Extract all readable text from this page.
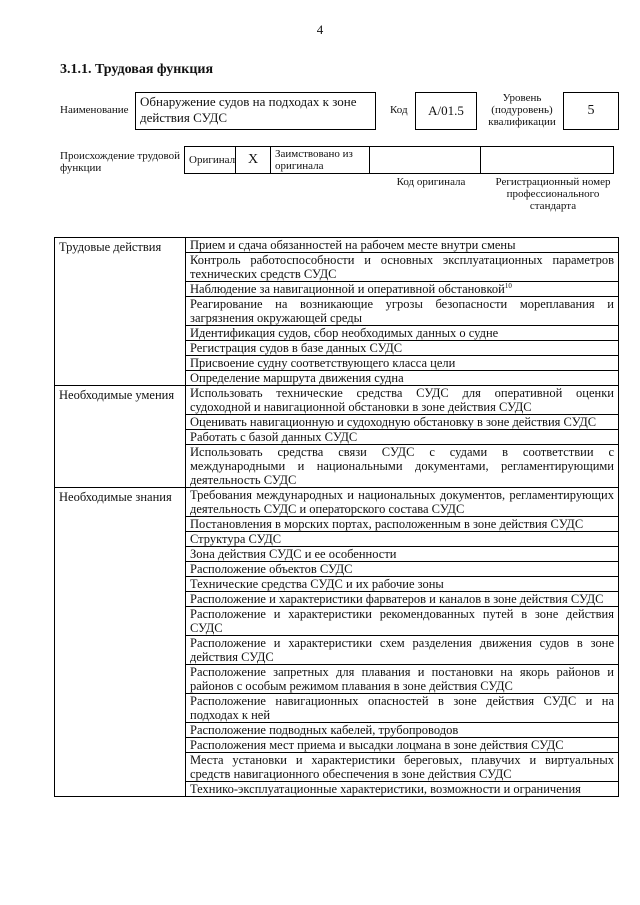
4
3.1.1. Трудовая функция
Наименование
Обнаружение судов на подходах к зоне действия СУДС	Код	A/01.5
Уровень (подуровень) квалификации
5
Происхождение трудовой функции
Оригинал X	Заимствовано из оригинала
Код оригинала	Регистрационный номер профессионального стандарта
Трудовые действия	Прием и сдача обязанностей на рабочем месте внутри смены
	Контроль работоспособности и основных эксплуатационных параметров технических средств СУДС
	Наблюдение за навигационной и оперативной обстановкой$^{10}$
	Реагирование на возникающие угрозы безопасности мореплавания и загрязнения окружающей среды
	Идентификация судов, сбор необходимых данных о судне
	Регистрация судов в базе данных СУДС
	Присвоение судну соответствующего класса цели
	Определение маршрута движения судна
Необходимые умения	Использовать технические средства СУДС для оперативной оценки судоходной и навигационной обстановки в зоне действия СУДС
	Оценивать навигационную и судоходную обстановку в зоне действия СУДС
	Работать с базой данных СУДС
	Использовать средства связи СУДС с судами в соответствии с международными и национальными документами, регламентирующими деятельность СУДС
Необходимые знания	Требования международных и национальных документов, регламентирующих деятельность СУДС и операторского состава СУДС
	Постановления в морских портах, расположенным в зоне действия СУДС
	Структура СУДС
	Зона действия СУДС и ее особенности
	Расположение объектов СУДС
	Технические средства СУДС и их рабочие зоны
	Расположение и характеристики фарватеров и каналов в зоне действия СУДС
	Расположение и характеристики рекомендованных путей в зоне действия СУДС
	Расположение и характеристики схем разделения движения судов в зоне действия СУДС
	Расположение запретных для плавания и постановки на якорь районов и районов с особым режимом плавания в зоне действия СУДС
	Расположение навигационных опасностей в зоне действия СУДС и на подходах к ней
	Расположение подводных кабелей, трубопроводов
	Расположения мест приема и высадки лоцмана в зоне действия СУДС
	Места установки и характеристики береговых, плавучих и виртуальных средств навигационного обеспечения в зоне действия СУДС
	Технико-эксплуатационные характеристики, возможности и ограничения
